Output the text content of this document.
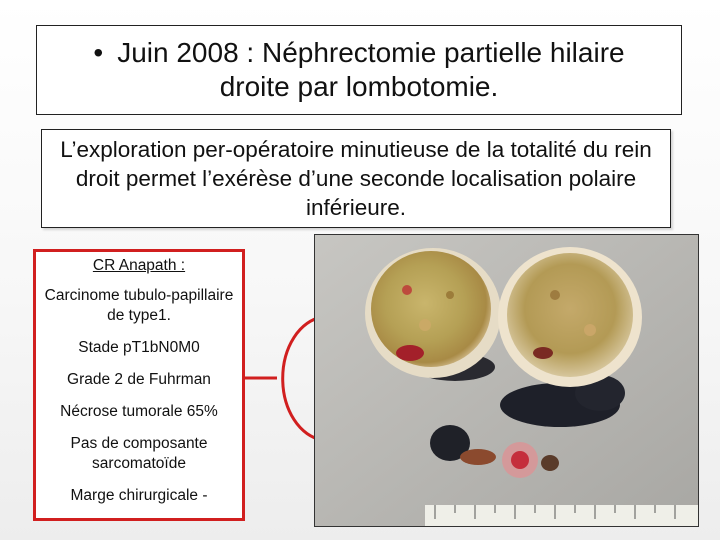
• Juin 2008 : Néphrectomie partielle hilaire droite par lombotomie.
L’exploration per-opératoire minutieuse de la totalité du rein droit permet l’exérèse d’une seconde localisation polaire inférieure.
CR Anapath :
Carcinome tubulo-papillaire de type1.
Stade pT1bN0M0
Grade 2 de Fuhrman
Nécrose tumorale 65%
Pas de composante sarcomatoïde
Marge chirurgicale -
